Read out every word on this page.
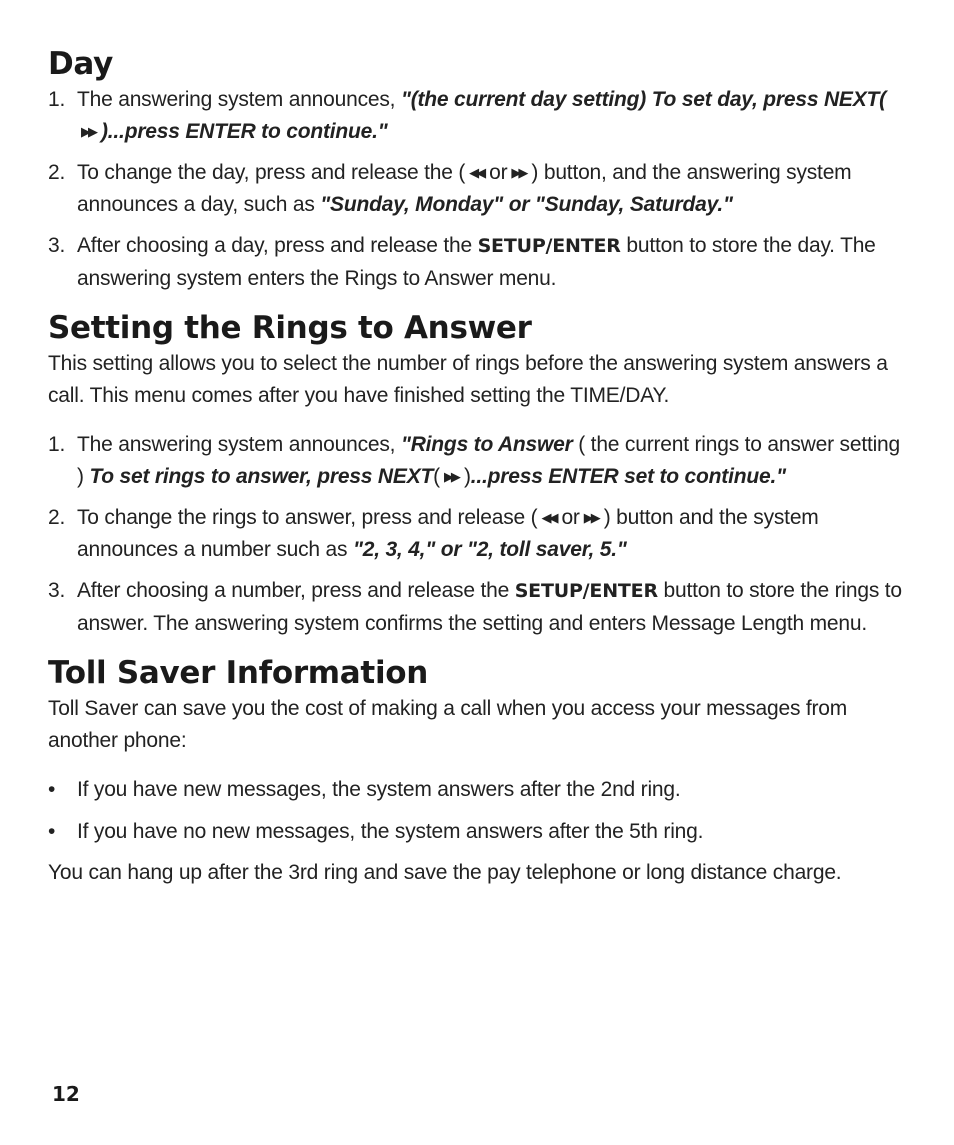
Day
1. The answering system announces, "(the current day setting) To set day, press NEXT(▶▶ )...press ENTER to continue."
2. To change the day, press and release the ( ◀◀ or ▶▶ ) button, and the answering system announces a day, such as "Sunday, Monday" or "Sunday, Saturday."
3. After choosing a day, press and release the SETUP/ENTER button to store the day. The answering system enters the Rings to Answer menu.
Setting the Rings to Answer

This setting allows you to select the number of rings before the answering system answers a call. This menu comes after you have finished setting the TIME/DAY.

1. The answering system announces, "Rings to Answer ( the current rings to answer setting ) To set rings to answer, press NEXT( ▶▶ )...press ENTER set to continue."
2. To change the rings to answer, press and release ( ◀◀ or ▶▶ ) button and the system announces a number such as "2, 3, 4," or "2, toll saver, 5."
3. After choosing a number, press and release the SETUP/ENTER button to store the rings to answer. The answering system confirms the setting and enters Message Length menu.
Toll Saver Information

Toll Saver can save you the cost of making a call when you access your messages from another phone:

• If you have new messages, the system answers after the 2nd ring.
• If you have no new messages, the system answers after the 5th ring.

You can hang up after the 3rd ring and save the pay telephone or long distance charge.

12
